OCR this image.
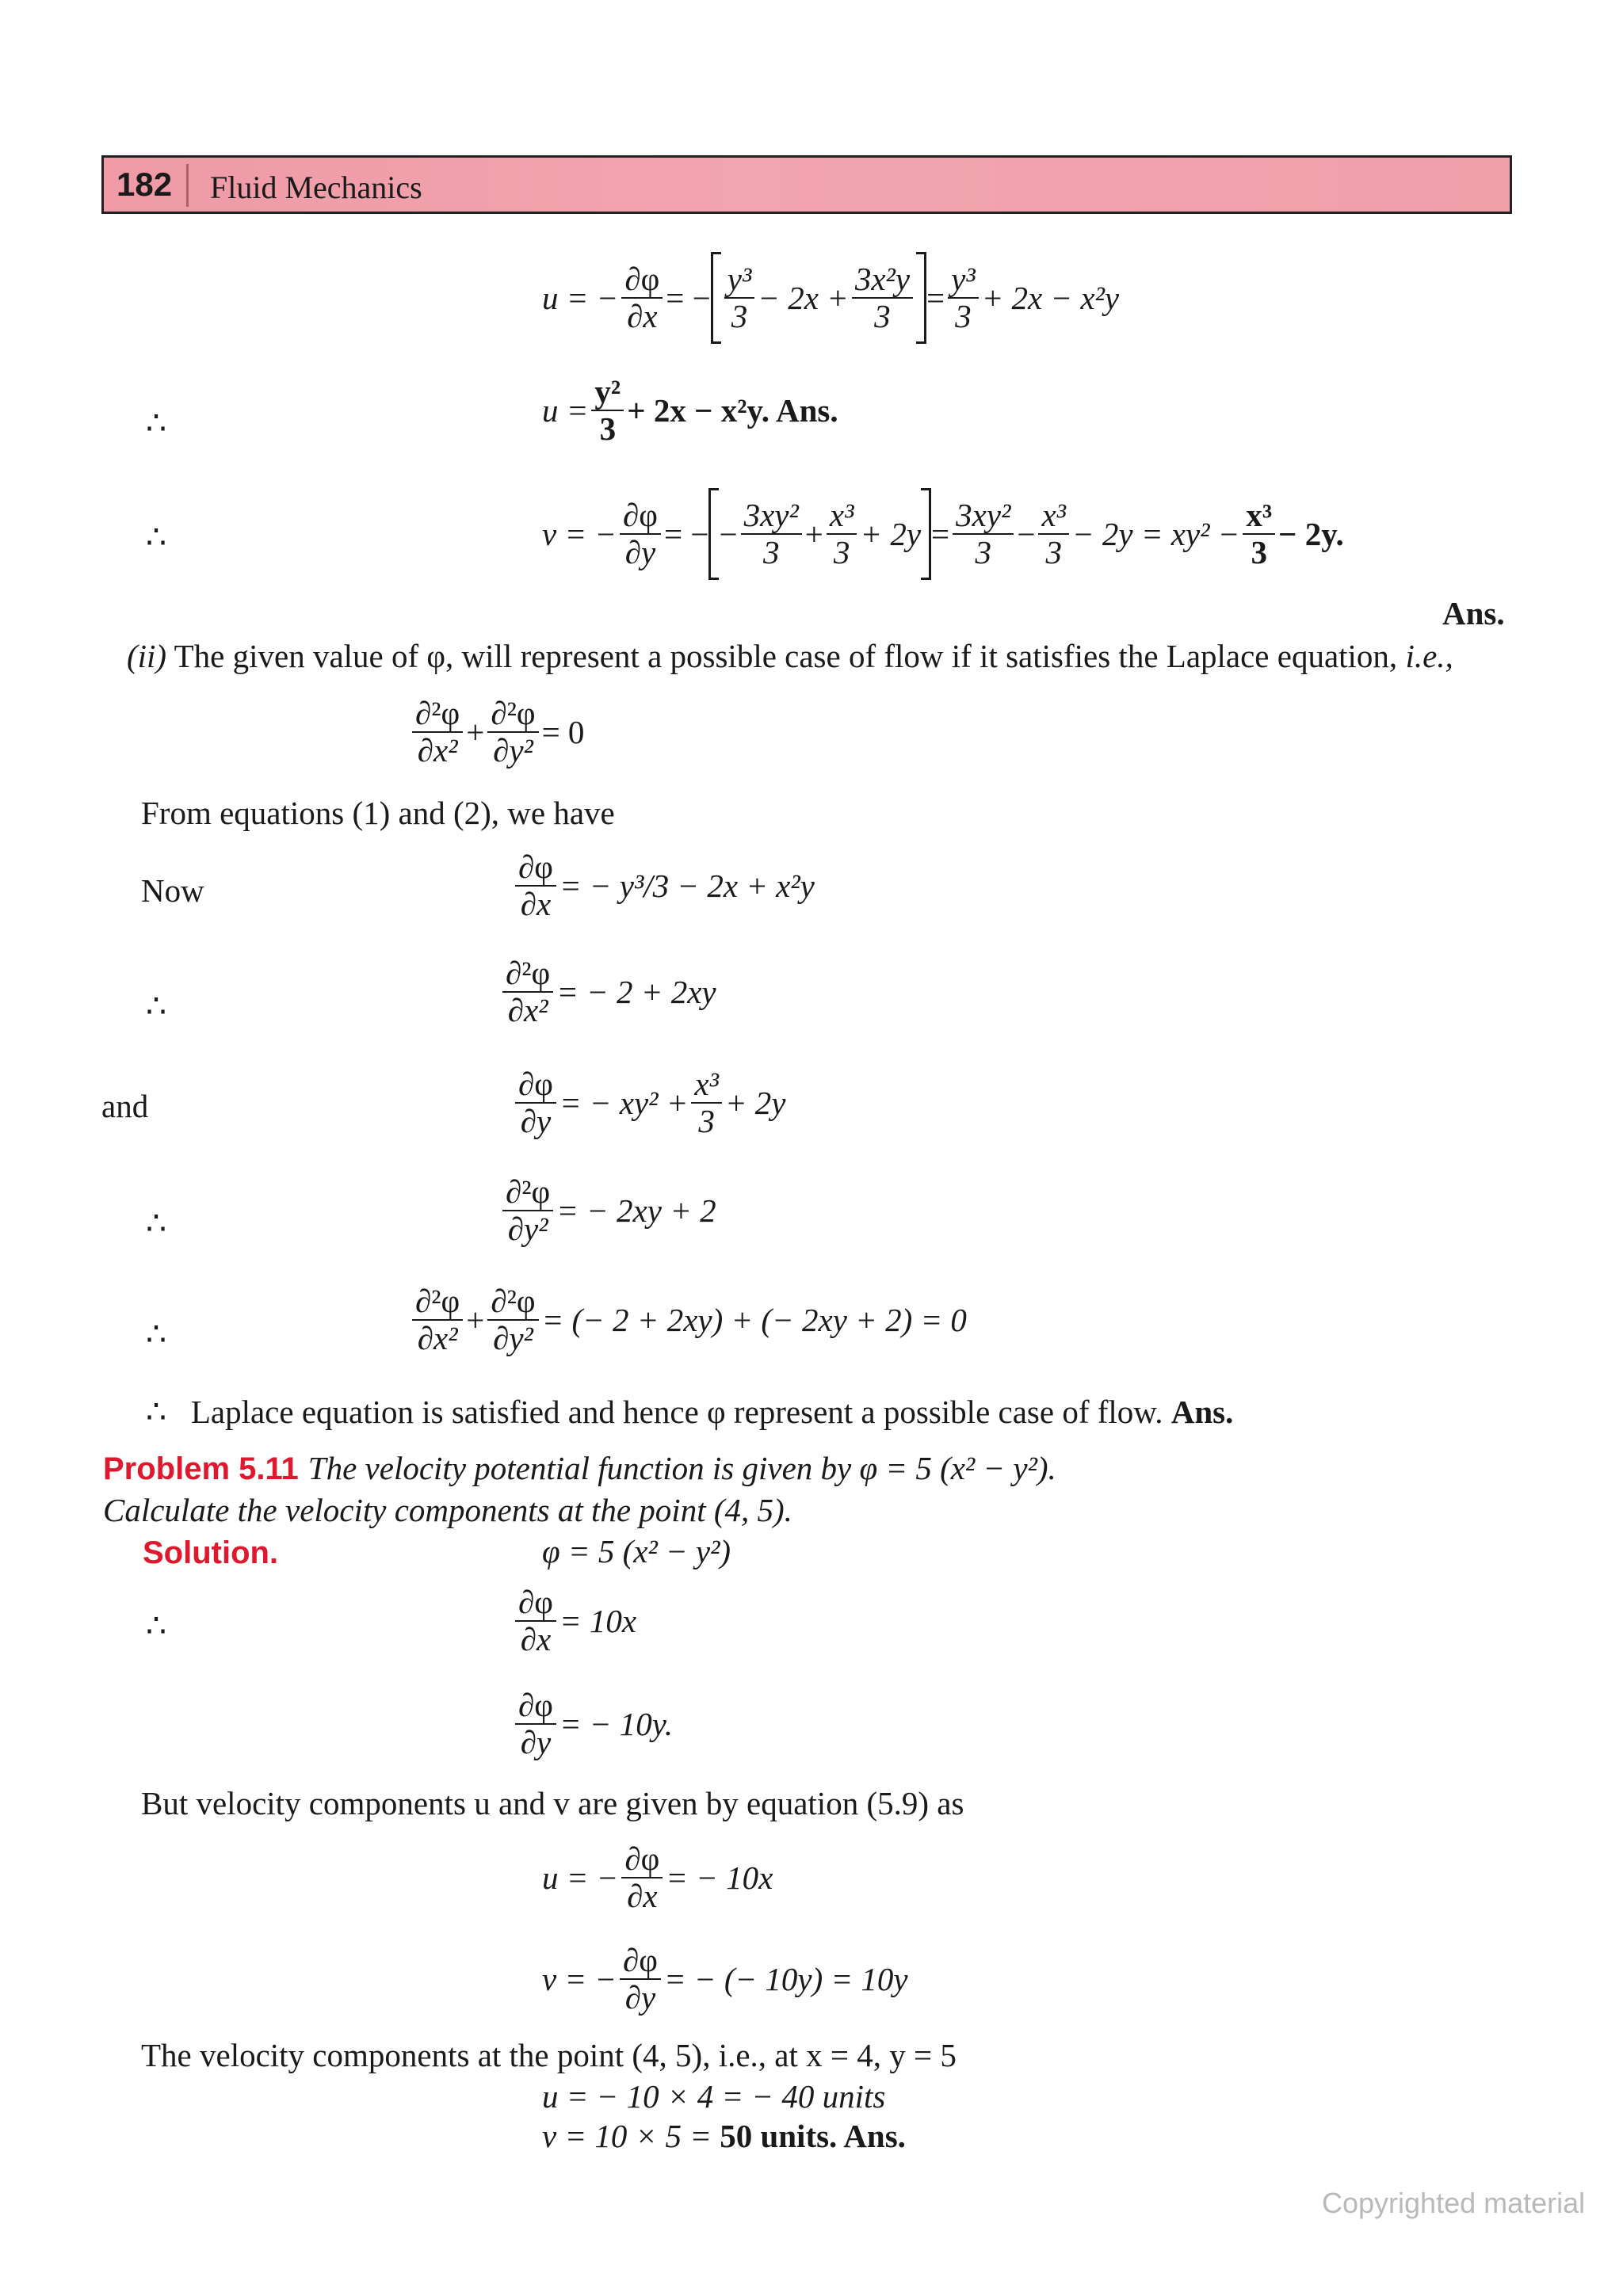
182 Fluid Mechanics
u = − $\frac{\partial\varphi}{\partial x}$ = − $\frac{\text{y³}}{3} - 2x + \frac{\text{3x²y}}{3} = \frac{\text{y³}}{3} + 2x - x^2y$
∴	$u = \frac{\text{y²}}{3} + 2x - x^2y$. Ans.
∴	v = − $\frac{\partial\varphi}{\partial y}$ = − − $\frac{\text{3xy²}}{3} + \frac{\text{x³}}{3} + 2y = \frac{\text{3xy²}}{3} - \frac{\text{x³}}{3} - 2y = xy^2 - \frac{\text{x³}}{3} - 2y$.
Ans.
(ii) The given value of φ, will represent a possible case of flow if it satisfies the Laplace equation, i.e.,
$\frac{\text{∂²φ}}{\text{∂x²}} + \frac{\text{∂²φ}}{\text{∂y²}} = 0$
From equations (1) and (2), we have
Now	$\frac{\partial\varphi}{\partial x}$ = − y³/3 − 2x + x²y
∴	$\frac{\text{∂²φ}}{\text{∂x²}}$ = − 2 + 2xy
and	$\frac{\partial\varphi}{\partial y}$ = − $xy^2 + \frac{\text{x³}}{3} + 2y$
∴	$\frac{\text{∂²φ}}{\text{∂y²}}$ = − 2xy + 2
∴	$\frac{\text{∂²φ}}{\text{∂x²}} + \frac{\text{∂²φ}}{\text{∂y²}}$ = (− 2 + 2xy) + (− 2xy + 2) = 0
∴ Laplace equation is satisfied and hence φ represent a possible case of flow. Ans.
Problem 5.11 The velocity potential function is given by φ = 5 (x² − y²).
Calculate the velocity components at the point (4, 5).
Solution.	φ = 5 (x² − y²)
∴	$\frac{\partial\varphi}{\partial x} = 10x$
$\frac{\partial\varphi}{\partial y}$ = − 10y.
But velocity components u and v are given by equation (5.9) as
u = − $\frac{\partial\varphi}{\partial x}$ = − 10x
v = − $\frac{\partial\varphi}{\partial y}$ = − (− 10y) = 10y
The velocity components at the point (4, 5), i.e., at x = 4, y = 5
u = − 10 × 4 = − 40 units
v = 10 × 5 = 50 units. Ans.
Copyrighted material
